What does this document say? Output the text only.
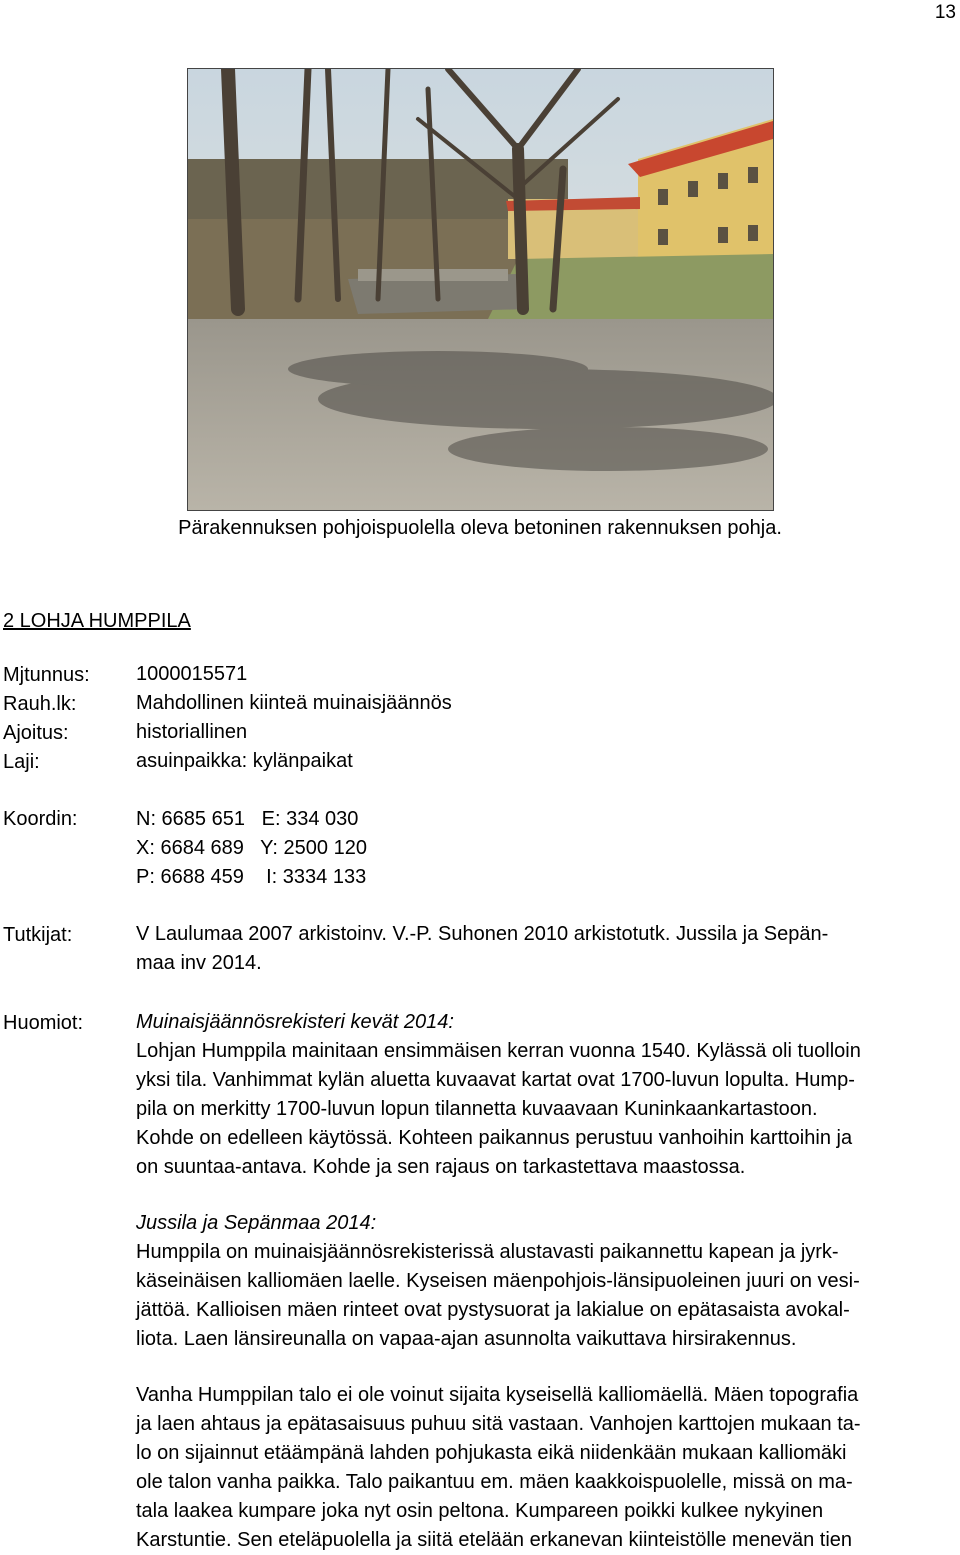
13
Pärakennuksen pohjoispuolella oleva betoninen rakennuksen pohja.
2 LOHJA HUMPPILA
Mjtunnus: 1000015571
Rauh.lk:	Mahdollinen kiinteä muinaisjäännös
Ajoitus:	historiallinen
Laji:	asuinpaikka: kylänpaikat
Koordin:	N: 6685 651   E: 334 030
X: 6684 689   Y: 2500 120
P: 6688 459    I: 3334 133
Tutkijat:	V Laulumaa 2007 arkistoinv. V.-P. Suhonen 2010 arkistotutk. Jussila ja Sepän-

maa inv 2014.

Huomiot:	Muinaisjäännösrekisteri kevät 2014:

Lohjan Humppila mainitaan ensimmäisen kerran vuonna 1540. Kylässä oli tuolloin

yksi tila. Vanhimmat kylän aluetta kuvaavat kartat ovat 1700-luvun lopulta. Hump-

pila on merkitty 1700-luvun lopun tilannetta kuvaavaan Kuninkaankartastoon.

Kohde on edelleen käytössä. Kohteen paikannus perustuu vanhoihin karttoihin ja

on suuntaa-antava. Kohde ja sen rajaus on tarkastettava maastossa.

Jussila ja Sepänmaa 2014:

Humppila on muinaisjäännösrekisterissä alustavasti paikannettu kapean ja jyrk-

käseinäisen kalliomäen laelle. Kyseisen mäenpohjois-länsipuoleinen juuri on vesi-

jättöä. Kallioisen mäen rinteet ovat pystysuorat ja lakialue on epätasaista avokal-

liota. Laen länsireunalla on vapaa-ajan asunnolta vaikuttava hirsirakennus.

Vanha Humppilan talo ei ole voinut sijaita kyseisellä kalliomäellä. Mäen topografia

ja laen ahtaus ja epätasaisuus puhuu sitä vastaan. Vanhojen karttojen mukaan ta-

lo on sijainnut etäämpänä lahden pohjukasta eikä niidenkään mukaan kalliomäki

ole talon vanha paikka. Talo paikantuu em. mäen kaakkoispuolelle, missä on ma-

tala laakea kumpare joka nyt osin peltona. Kumpareen poikki kulkee nykyinen

Karstuntie. Sen eteläpuolella ja siitä etelään erkanevan kiinteistölle menevän tien
